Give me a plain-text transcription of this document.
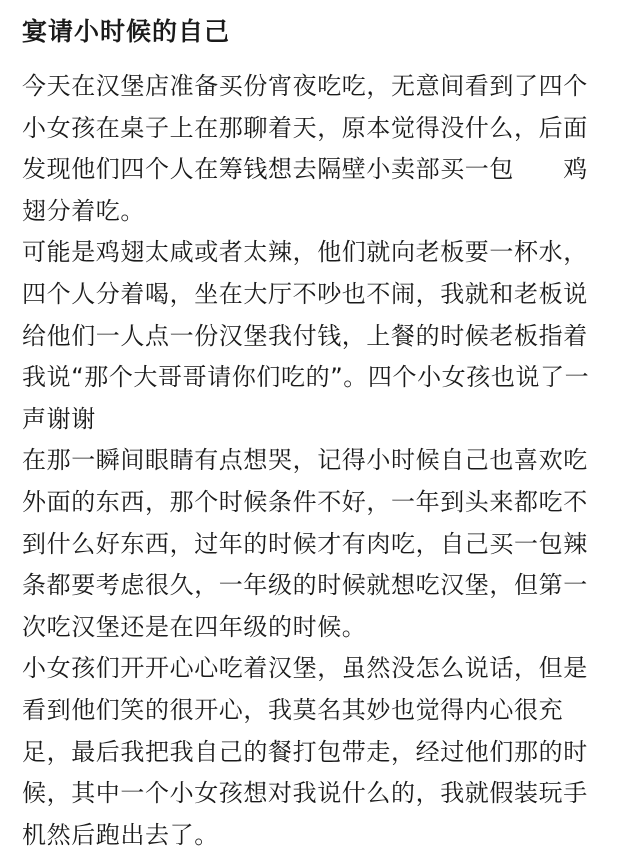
宴请小时候的自己
今天在汉堡店准备买份宵夜吃吃，无意间看到了四个
小女孩在桌子上在那聊着天，原本觉得没什么，后面
发现他们四个人在筹钱想去隔壁小卖部买一包　　鸡
翅分着吃。
可能是鸡翅太咸或者太辣，他们就向老板要一杯水，
四个人分着喝，坐在大厅不吵也不闹，我就和老板说
给他们一人点一份汉堡我付钱，上餐的时候老板指着
我说“那个大哥哥请你们吃的”。四个小女孩也说了一
声谢谢
在那一瞬间眼睛有点想哭，记得小时候自己也喜欢吃
外面的东西，那个时候条件不好，一年到头来都吃不
到什么好东西，过年的时候才有肉吃，自己买一包辣
条都要考虑很久，一年级的时候就想吃汉堡，但第一
次吃汉堡还是在四年级的时候。
小女孩们开开心心吃着汉堡，虽然没怎么说话，但是
看到他们笑的很开心，我莫名其妙也觉得内心很充
足，最后我把我自己的餐打包带走，经过他们那的时
候，其中一个小女孩想对我说什么的，我就假装玩手
机然后跑出去了。
